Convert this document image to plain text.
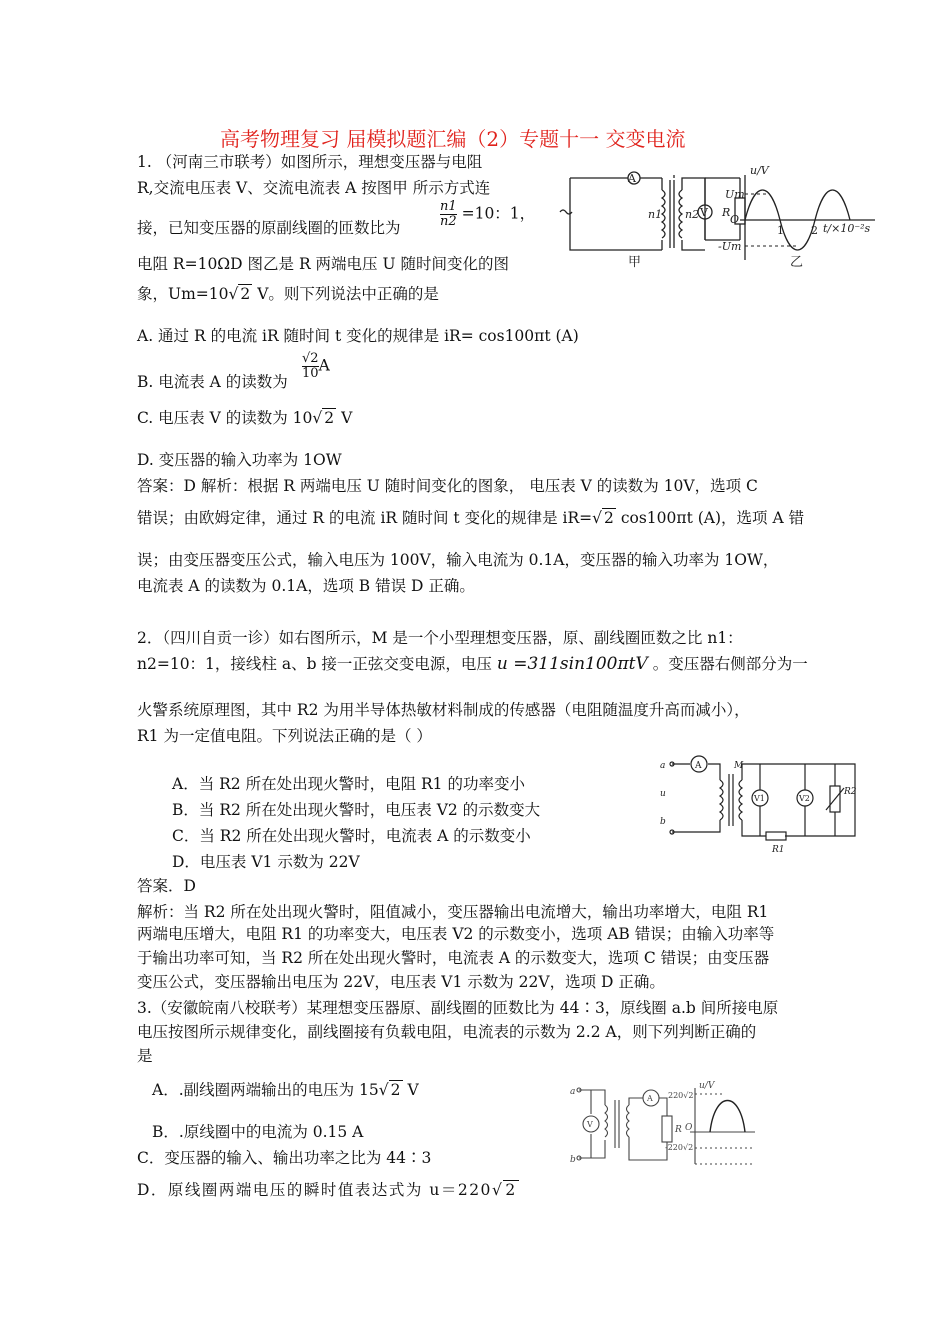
高考物理复习 届模拟题汇编（2）专题十一 交变电流
1. （河南三市联考）如图所示，理想变压器与电阻
R,交流电压表 V、交流电流表 A 按图甲 所示方式连
接，已知变压器的原副线圈的匝数比为	$\frac{n1}{n2} =10$：1，
电阻 R=10ΩD 图乙是 R 两端电压 U 随时间变化的图
象，Um=10√ 2 V。则下列说法中正确的是
A
V
n1 n2 R
u/V
Um
O
-Um
1 2 t/×10⁻²s
甲	乙
A. 通过 R 的电流 iR 随时间 t 变化的规律是 iR= cos100πt (A)
B. 电流表 A 的读数为
$\frac{√2}{10}$ A
C. 电压表 V 的读数为 10√ 2 V
D. 变压器的输入功率为 1OW
答案：D 解析：根据 R 两端电压 U 随时间变化的图象， 电压表 V 的读数为 10V，选项 C
错误；由欧姆定律，通过 R 的电流 iR 随时间 t 变化的规律是 iR=√ 2 cos100πt (A)，选项 A 错
误；由变压器变压公式，输入电压为 100V，输入电流为 0.1A，变压器的输入功率为 1OW，
电流表 A 的读数为 0.1A，选项 B 错误 D 正确。
2．（四川自贡一诊）如右图所示，M 是一个小型理想变压器，原、副线圈匝数之比 n1：
n2=10：1，接线柱 a、b 接一正弦交变电源，电压 u =311sin100πtV 。变压器右侧部分为一
火警系统原理图，其中 R2 为用半导体热敏材料制成的传感器（电阻随温度升高而减小），
R1 为一定值电阻。下列说法正确的是（ ）
A．当 R2 所在处出现火警时，电阻 R1 的功率变小
B．当 R2 所在处出现火警时，电压表 V2 的示数变大
C．当 R2 所在处出现火警时，电流表 A 的示数变小
D．电压表 V1 示数为 22V
A
a
u
b
M
V1	V2
R1
R2
答案．D
解析：当 R2 所在处出现火警时，阻值减小，变压器输出电流增大，输出功率增大，电阻 R1
两端电压增大，电阻 R1 的功率变大，电压表 V2 的示数变小，选项 AB 错误；由输入功率等
于输出功率可知，当 R2 所在处出现火警时，电流表 A 的示数变大，选项 C 错误；由变压器
变压公式，变压器输出电压为 22V，电压表 V1 示数为 22V，选项 D 正确。
3.（安徽皖南八校联考）某理想变压器原、副线圈的匝数比为 44∶3，原线圈 a.b 间所接电原
电压按图所示规律变化，副线圈接有负载电阻，电流表的示数为 2.2 A，则下列判断正确的
是
A．.副线圈两端输出的电压为 15√ 2 V
B．.原线圈中的电流为 0.15 A
C．变压器的输入、输出功率之比为 44∶3
D．原线圈两端电压的瞬时值表达式为 u＝220√ 2
a
b
V
A
R
u/V
220√2
O
-220√2
